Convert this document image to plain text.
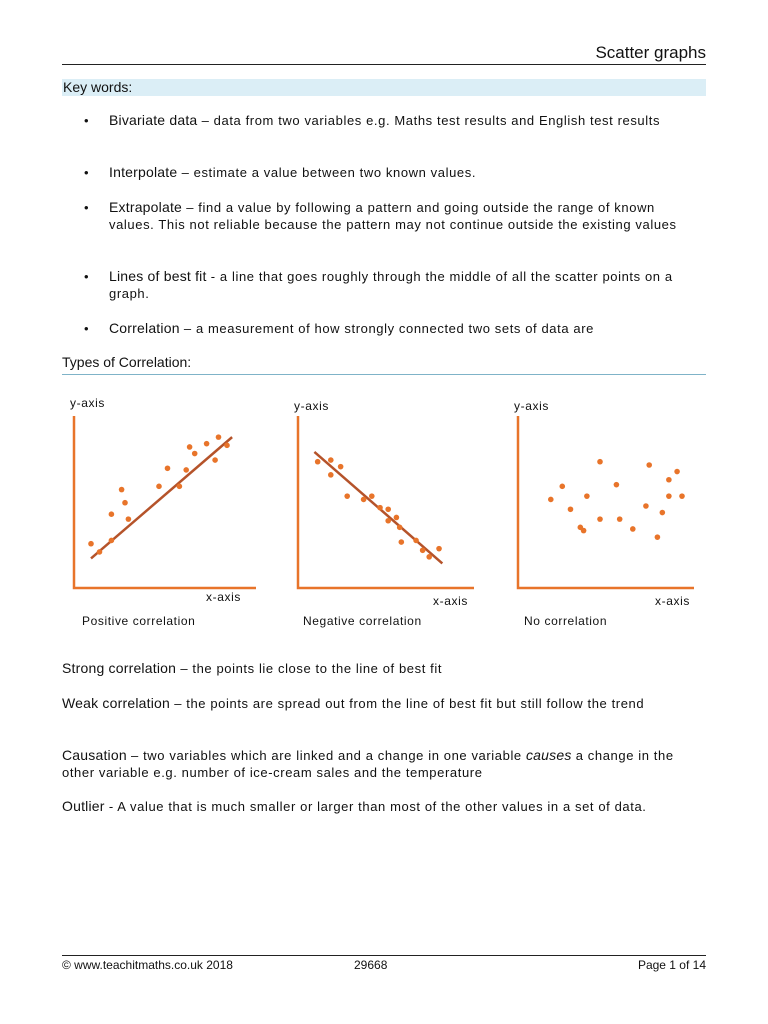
Scatter graphs
Key words:
• Bivariate data – data from two variables e.g. Maths test results and English test results
• Interpolate – estimate a value between two known values.
• Extrapolate – find a value by following a pattern and going outside the range of known values. This not reliable because the pattern may not continue outside the existing values
• Lines of best fit - a line that goes roughly through the middle of all the scatter points on a graph.
• Correlation – a measurement of how strongly connected two sets of data are
Types of Correlation:
y-axis
x-axis
Positive correlation
y-axis
x-axis
Negative correlation
y-axis
x-axis
No correlation

Strong correlation – the points lie close to the line of best fit

Weak correlation – the points are spread out from the line of best fit but still follow the trend

Causation – two variables which are linked and a change in one variable causes a change in the other variable e.g. number of ice-cream sales and the temperature

Outlier - A value that is much smaller or larger than most of the other values in a set of data.

© www.teachitmaths.co.uk 2018	29668	Page 1 of 14
